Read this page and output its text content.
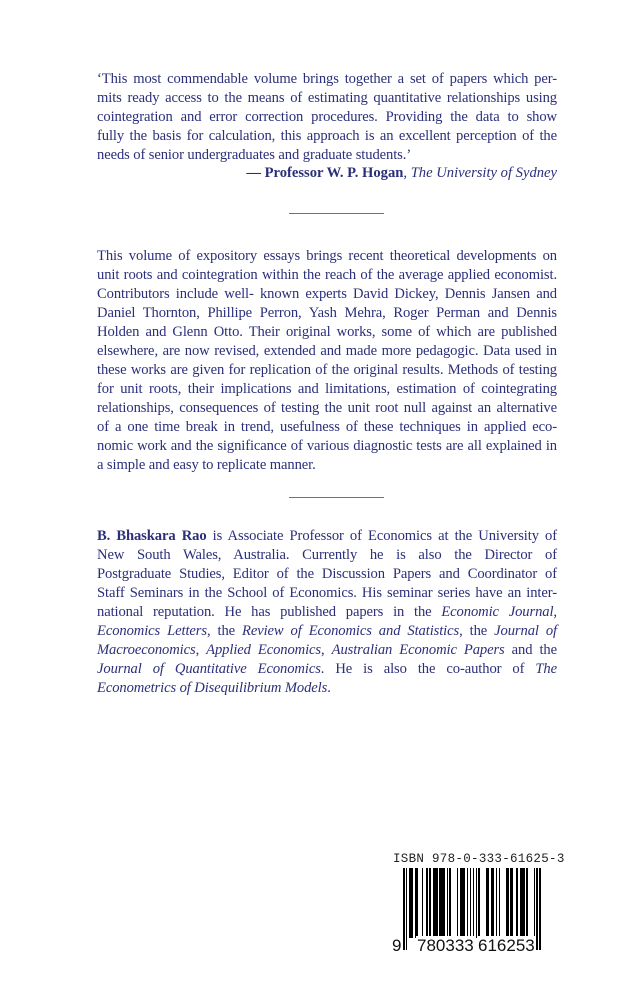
‘This most commendable volume brings together a set of papers which per-
mits ready access to the means of estimating quantitative relationships using
cointegration and error correction procedures. Providing the data to show
fully the basis for calculation, this approach is an excellent perception of the
needs of senior undergraduates and graduate students.’
— Professor W. P. Hogan, The University of Sydney
This volume of expository essays brings recent theoretical developments on
unit roots and cointegration within the reach of the average applied economist.
Contributors include well- known experts David Dickey, Dennis Jansen and
Daniel Thornton, Phillipe Perron, Yash Mehra, Roger Perman and Dennis
Holden and Glenn Otto. Their original works, some of which are published
elsewhere, are now revised, extended and made more pedagogic. Data used in
these works are given for replication of the original results. Methods of testing
for unit roots, their implications and limitations, estimation of cointegrating
relationships, consequences of testing the unit root null against an alternative
of a one time break in trend, usefulness of these techniques in applied eco-
nomic work and the significance of various diagnostic tests are all explained in
a simple and easy to replicate manner.
B. Bhaskara Rao is Associate Professor of Economics at the University of
New South Wales, Australia. Currently he is also the Director of
Postgraduate Studies, Editor of the Discussion Papers and Coordinator of
Staff Seminars in the School of Economics. His seminar series have an inter-
national reputation. He has published papers in the Economic Journal,
Economics Letters, the Review of Economics and Statistics, the Journal of
Macroeconomics, Applied Economics, Australian Economic Papers and the
Journal of Quantitative Economics. He is also the co-author of The
Econometrics of Disequilibrium Models.
ISBN 978-0-333-61625-3
9 780333 616253
